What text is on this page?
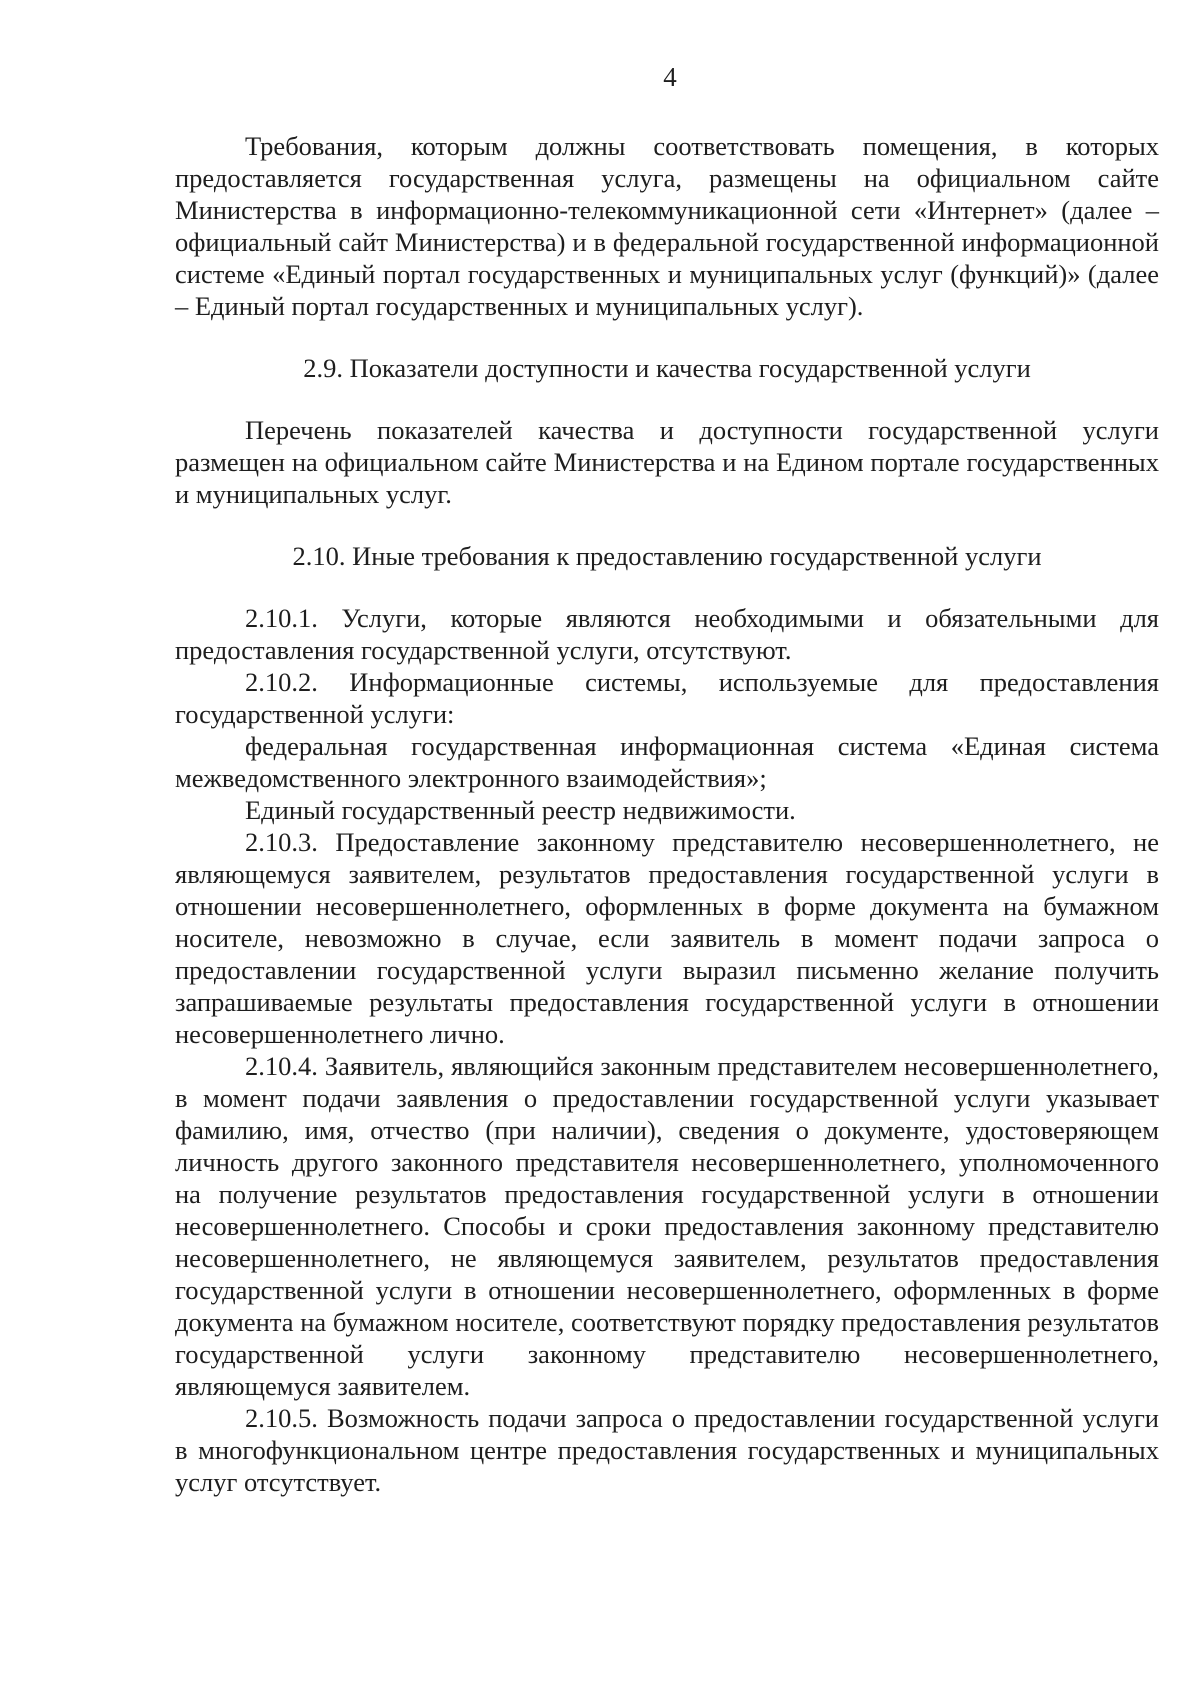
4

Требования, которым должны соответствовать помещения, в которых предоставляется государственная услуга, размещены на официальном сайте Министерства в информационно-телекоммуникационной сети «Интернет» (далее – официальный сайт Министерства) и в федеральной государственной информационной системе «Единый портал государственных и муниципальных услуг (функций)» (далее – Единый портал государственных и муниципальных услуг).

2.9. Показатели доступности и качества государственной услуги

Перечень показателей качества и доступности государственной услуги размещен на официальном сайте Министерства и на Едином портале государственных и муниципальных услуг.

2.10. Иные требования к предоставлению государственной услуги

2.10.1. Услуги, которые являются необходимыми и обязательными для предоставления государственной услуги, отсутствуют.

2.10.2. Информационные системы, используемые для предоставления государственной услуги:

федеральная государственная информационная система «Единая система межведомственного электронного взаимодействия»;

Единый государственный реестр недвижимости.

2.10.3. Предоставление законному представителю несовершеннолетнего, не являющемуся заявителем, результатов предоставления государственной услуги в отношении несовершеннолетнего, оформленных в форме документа на бумажном носителе, невозможно в случае, если заявитель в момент подачи запроса о предоставлении государственной услуги выразил письменно желание получить запрашиваемые результаты предоставления государственной услуги в отношении несовершеннолетнего лично.

2.10.4. Заявитель, являющийся законным представителем несовершеннолетнего, в момент подачи заявления о предоставлении государственной услуги указывает фамилию, имя, отчество (при наличии), сведения о документе, удостоверяющем личность другого законного представителя несовершеннолетнего, уполномоченного на получение результатов предоставления государственной услуги в отношении несовершеннолетнего. Способы и сроки предоставления законному представителю несовершеннолетнего, не являющемуся заявителем, результатов предоставления государственной услуги в отношении несовершеннолетнего, оформленных в форме документа на бумажном носителе, соответствуют порядку предоставления результатов государственной услуги законному представителю несовершеннолетнего, являющемуся заявителем.

2.10.5. Возможность подачи запроса о предоставлении государственной услуги в многофункциональном центре предоставления государственных и муниципальных услуг отсутствует.
